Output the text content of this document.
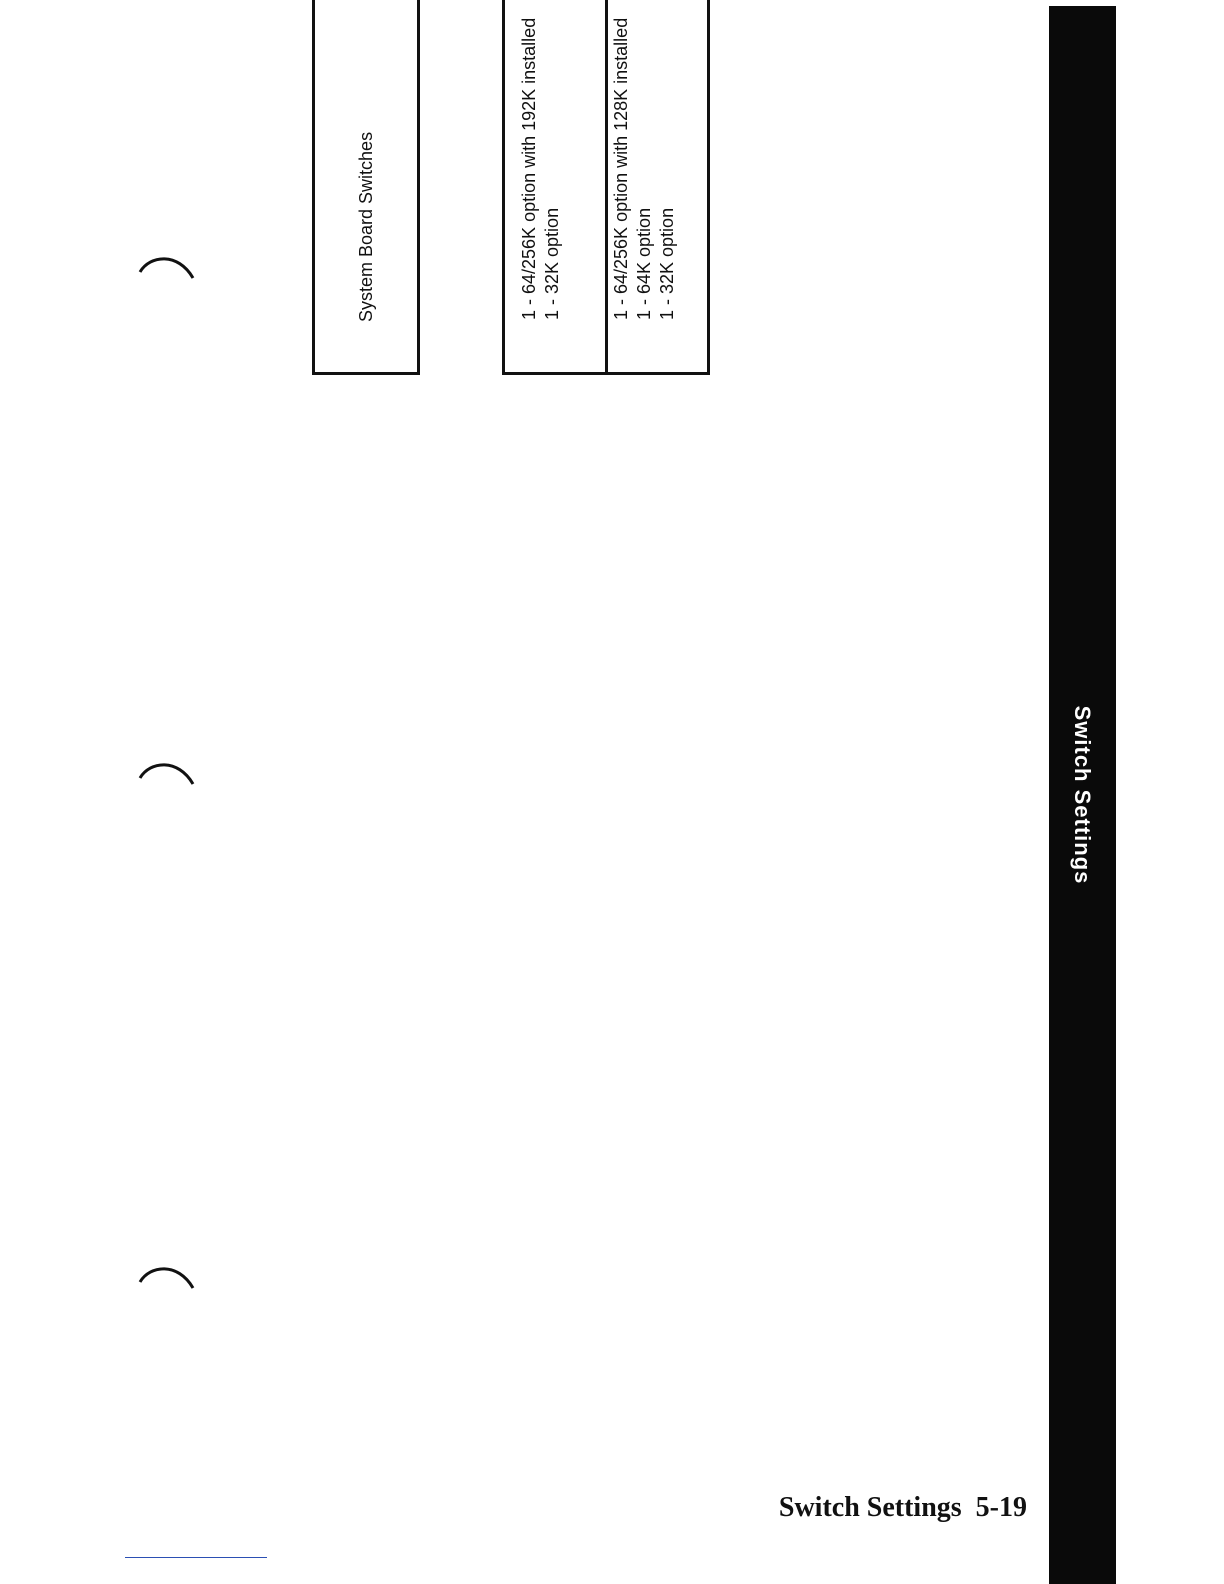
Switch Settings
System Board Switches	1 - 64/256K option with 192K installed 1 - 32K option	1 - 64/256K option with 128K installed 1 - 64K option 1 - 32K option
Switch Settings 5-19
